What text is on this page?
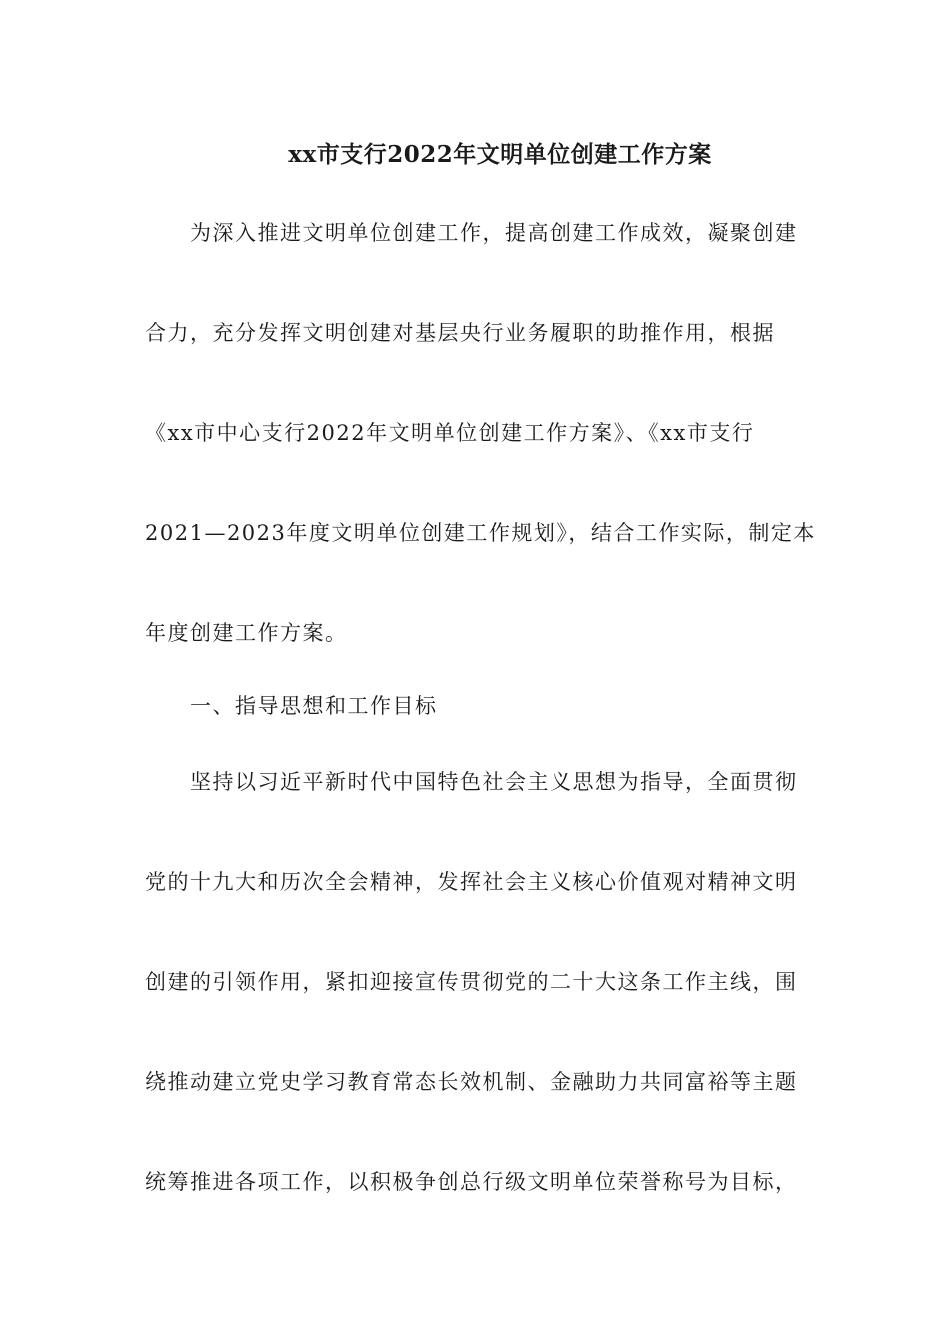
xx市支行2022年文明单位创建工作方案
为深入推进文明单位创建工作，提高创建工作成效，凝聚创建
合力，充分发挥文明创建对基层央行业务履职的助推作用，根据
《xx市中心支行2022年文明单位创建工作方案》、《xx市支行
2021—2023年度文明单位创建工作规划》，结合工作实际，制定本
年度创建工作方案。
一、指导思想和工作目标
坚持以习近平新时代中国特色社会主义思想为指导，全面贯彻
党的十九大和历次全会精神，发挥社会主义核心价值观对精神文明
创建的引领作用，紧扣迎接宣传贯彻党的二十大这条工作主线，围
绕推动建立党史学习教育常态长效机制、金融助力共同富裕等主题
统筹推进各项工作，以积极争创总行级文明单位荣誉称号为目标，
